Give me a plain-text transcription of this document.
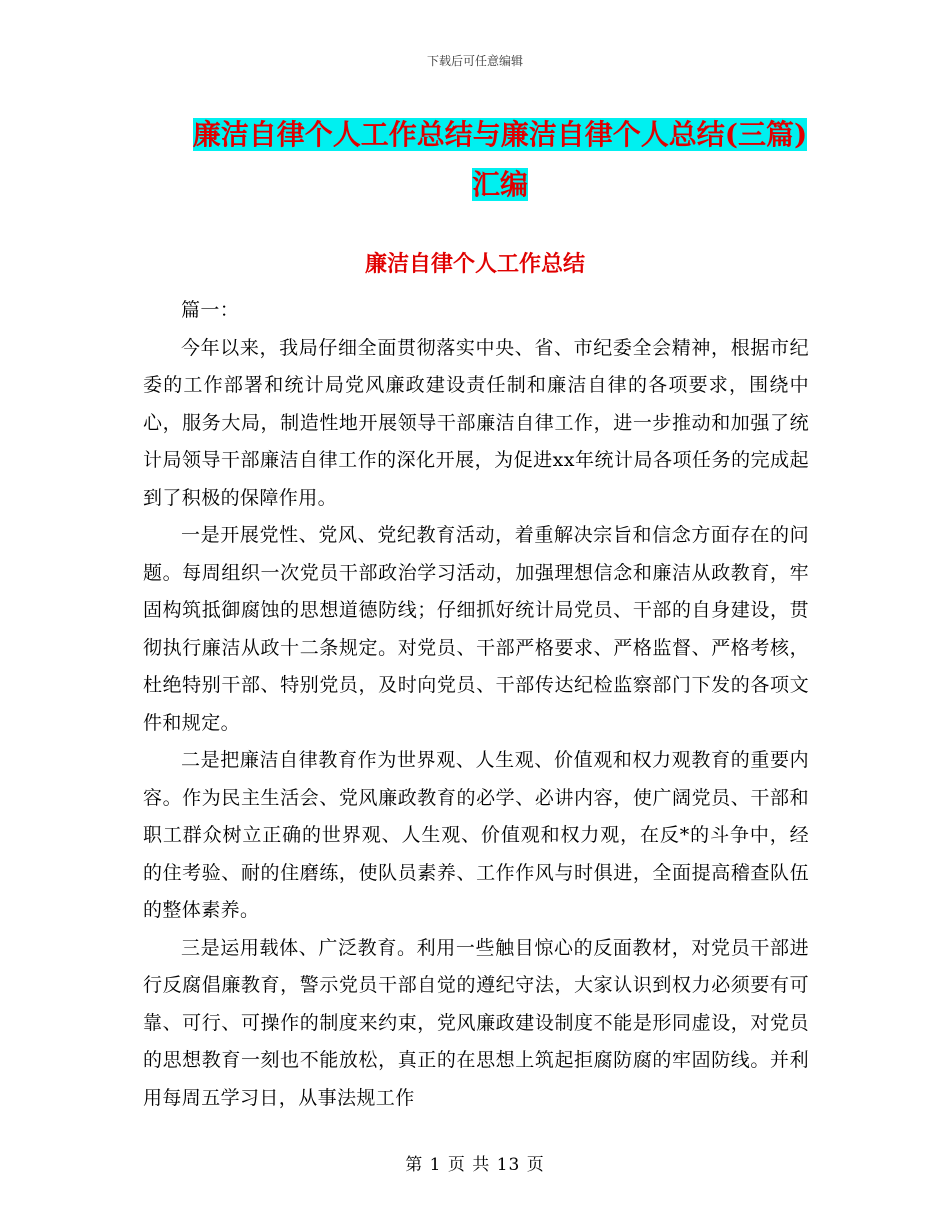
下载后可任意编辑
廉洁自律个人工作总结与廉洁自律个人总结(三篇)汇编
廉洁自律个人工作总结

篇一：

今年以来，我局仔细全面贯彻落实中央、省、市纪委全会精神，根据市纪委的工作部署和统计局党风廉政建设责任制和廉洁自律的各项要求，围绕中心，服务大局，制造性地开展领导干部廉洁自律工作，进一步推动和加强了统计局领导干部廉洁自律工作的深化开展，为促进xx年统计局各项任务的完成起到了积极的保障作用。

一是开展党性、党风、党纪教育活动，着重解决宗旨和信念方面存在的问题。每周组织一次党员干部政治学习活动，加强理想信念和廉洁从政教育，牢固构筑抵御腐蚀的思想道德防线；仔细抓好统计局党员、干部的自身建设，贯彻执行廉洁从政十二条规定。对党员、干部严格要求、严格监督、严格考核，杜绝特别干部、特别党员，及时向党员、干部传达纪检监察部门下发的各项文件和规定。

二是把廉洁自律教育作为世界观、人生观、价值观和权力观教育的重要内容。作为民主生活会、党风廉政教育的必学、必讲内容，使广阔党员、干部和职工群众树立正确的世界观、人生观、价值观和权力观，在反*的斗争中，经的住考验、耐的住磨练，使队员素养、工作作风与时俱进，全面提高稽查队伍的整体素养。

三是运用载体、广泛教育。利用一些触目惊心的反面教材，对党员干部进行反腐倡廉教育，警示党员干部自觉的遵纪守法，大家认识到权力必须要有可靠、可行、可操作的制度来约束，党风廉政建设制度不能是形同虚设，对党员的思想教育一刻也不能放松，真正的在思想上筑起拒腐防腐的牢固防线。并利用每周五学习日，从事法规工作

第 1 页 共 13 页
